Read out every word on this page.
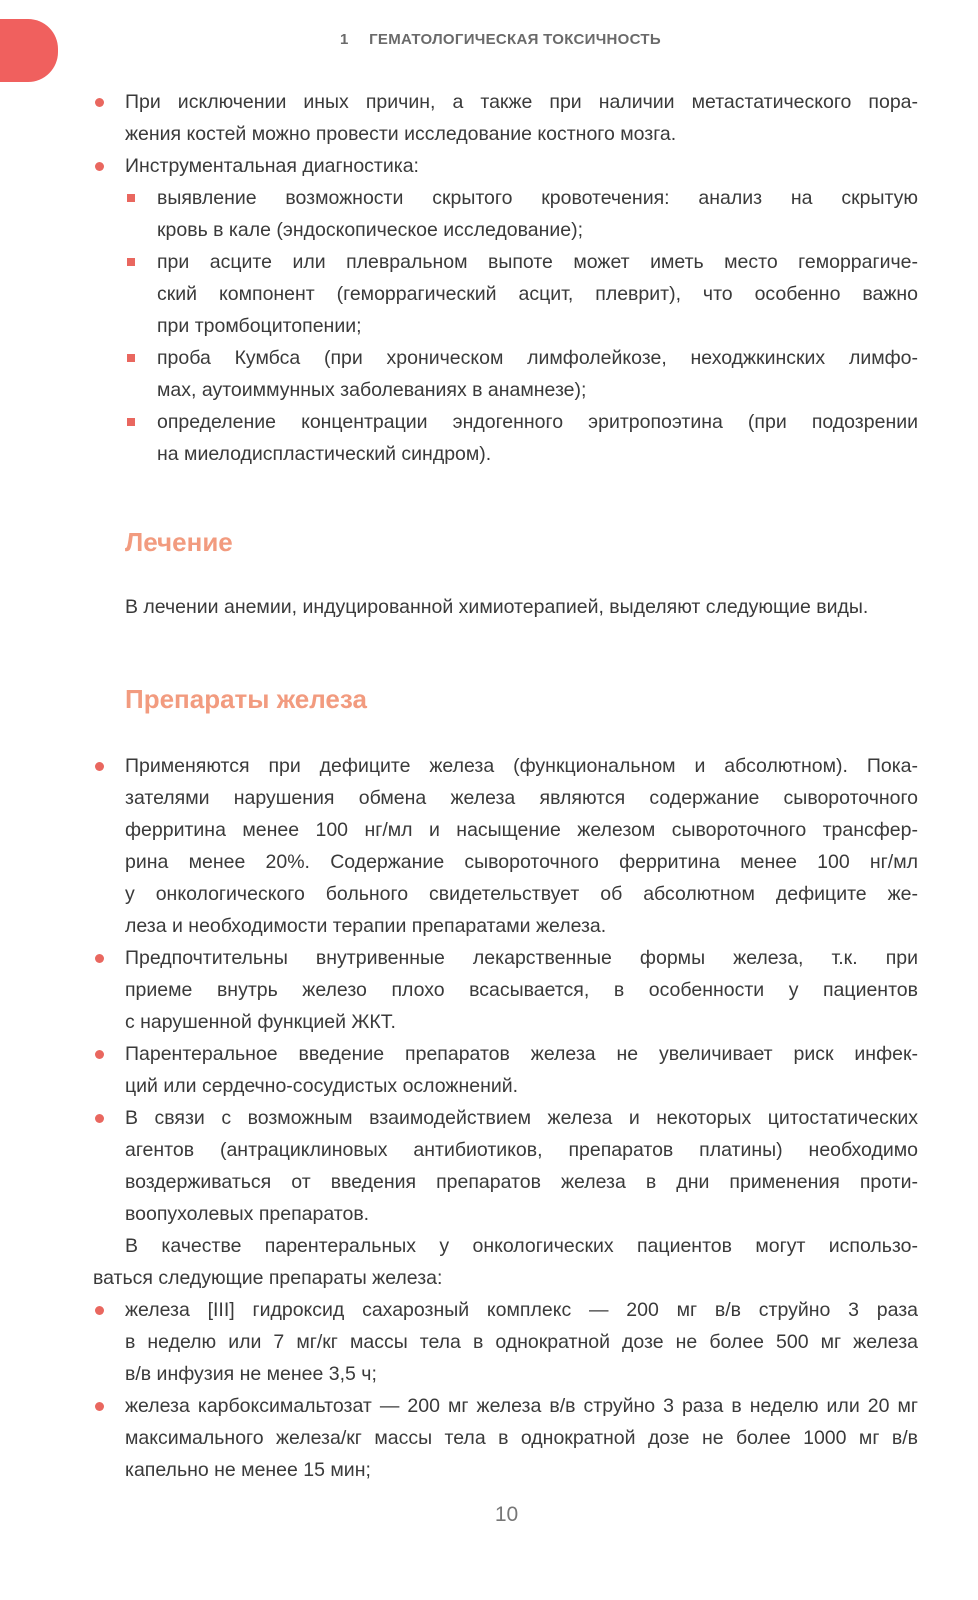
1 ГЕМАТОЛОГИЧЕСКАЯ ТОКСИЧНОСТЬ
При исключении иных причин, а также при наличии метастатического пора-
жения костей можно провести исследование костного мозга.
Инструментальная диагностика:
выявление возможности скрытого кровотечения: анализ на скрытую
кровь в кале (эндоскопическое исследование);
при асците или плевральном выпоте может иметь место геморрагиче-
ский компонент (геморрагический асцит, плеврит), что особенно важно
при тромбоцитопении;
проба Кумбса (при хроническом лимфолейкозе, неходжкинских лимфо-
мах, аутоиммунных заболеваниях в анамнезе);
определение концентрации эндогенного эритропоэтина (при подозрении
на миелодиспластический синдром).
Лечение
В лечении анемии, индуцированной химиотерапией, выделяют следующие виды.
Препараты железа
Применяются при дефиците железа (функциональном и абсолютном). Пока-
зателями нарушения обмена железа являются содержание сывороточного
ферритина менее 100 нг/мл и насыщение железом сывороточного трансфер-
рина менее 20%. Содержание сывороточного ферритина менее 100 нг/мл
у онкологического больного свидетельствует об абсолютном дефиците же-
леза и необходимости терапии препаратами железа.
Предпочтительны внутривенные лекарственные формы железа, т.к. при
приеме внутрь железо плохо всасывается, в особенности у пациентов
с нарушенной функцией ЖКТ.
Парентеральное введение препаратов железа не увеличивает риск инфек-
ций или сердечно-сосудистых осложнений.
В связи с возможным взаимодействием железа и некоторых цитостатических
агентов (антрациклиновых антибиотиков, препаратов платины) необходимо
воздерживаться от введения препаратов железа в дни применения проти-
воопухолевых препаратов.
В качестве парентеральных у онкологических пациентов могут использо-
ваться следующие препараты железа:
железа [III] гидроксид сахарозный комплекс — 200 мг в/в струйно 3 раза
в неделю или 7 мг/кг массы тела в однократной дозе не более 500 мг железа
в/в инфузия не менее 3,5 ч;
железа карбоксимальтозат — 200 мг железа в/в струйно 3 раза в неделю или 20 мг
максимального железа/кг массы тела в однократной дозе не более 1000 мг в/в
капельно не менее 15 мин;
10
